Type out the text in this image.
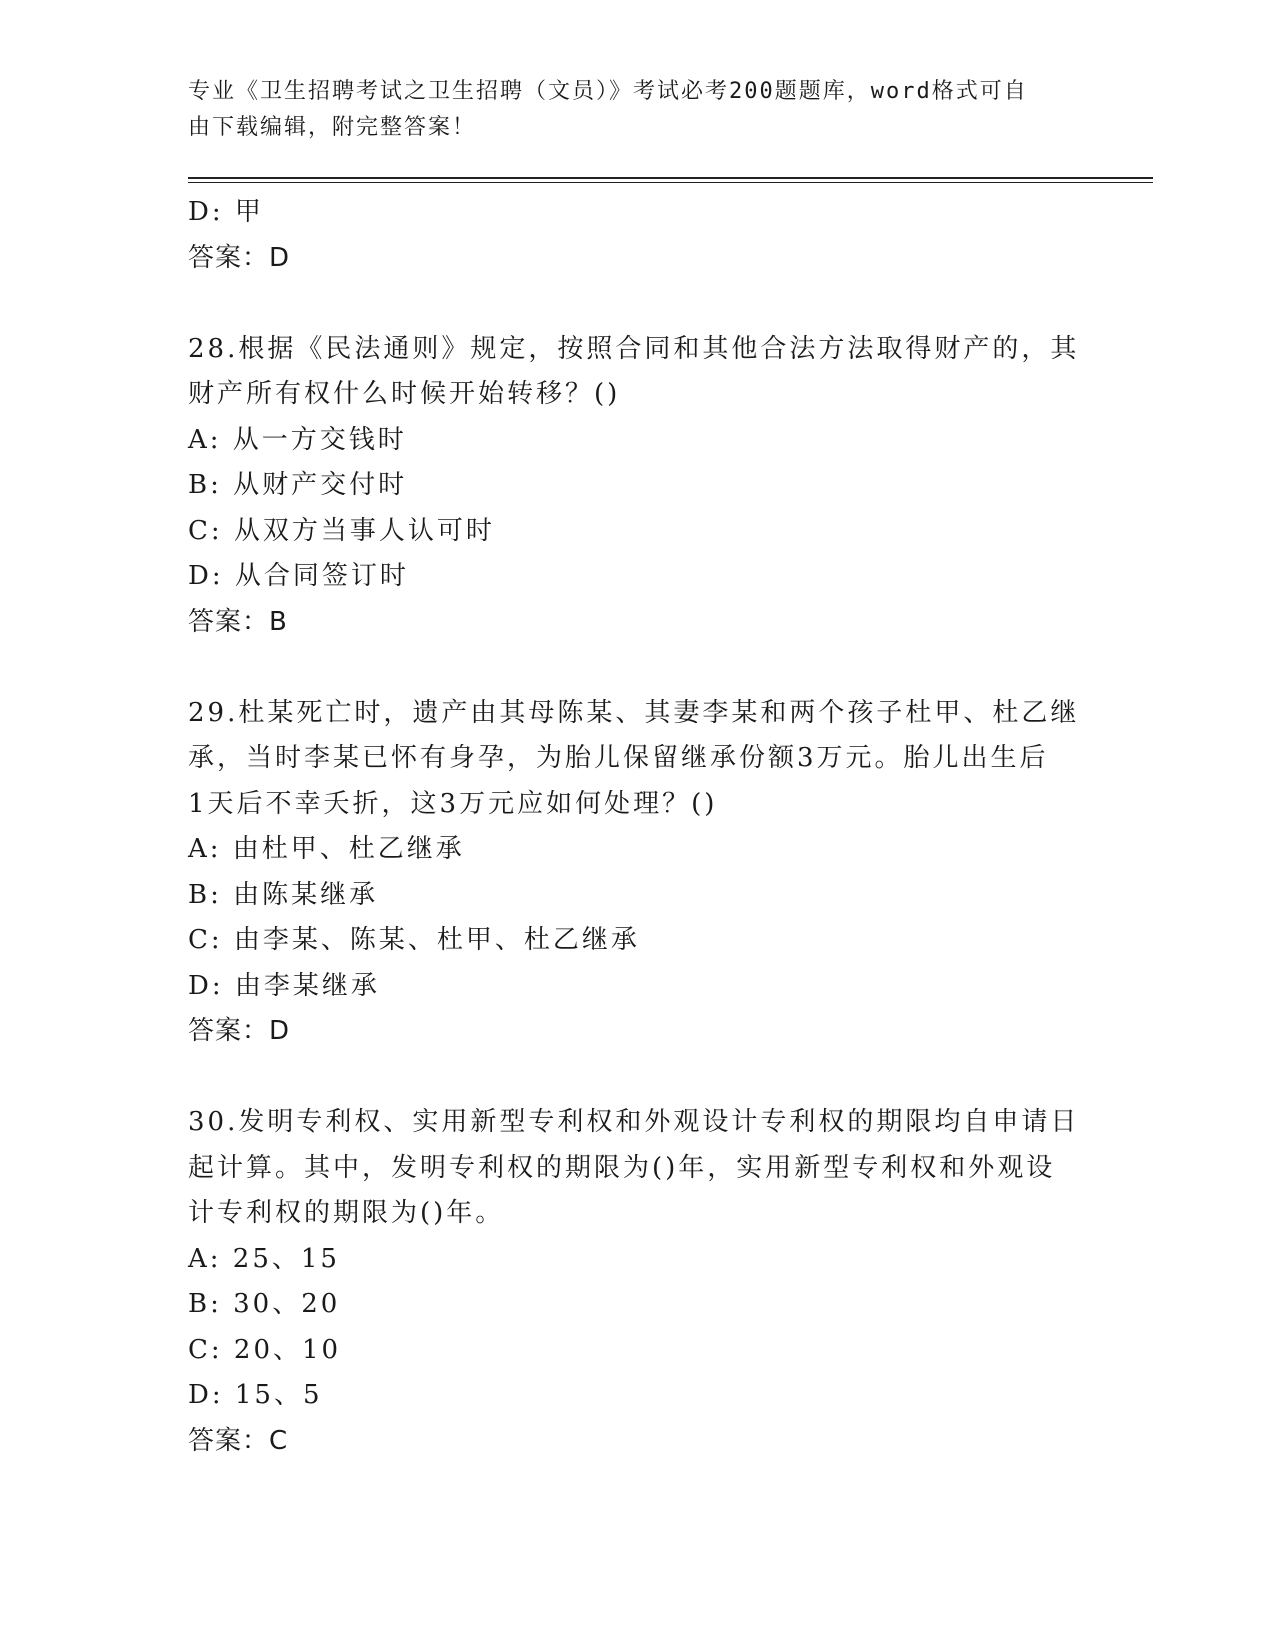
专业《卫生招聘考试之卫生招聘（文员）》考试必考200题题库，word格式可自
由下载编辑，附完整答案！
D: 甲
答案：D
28.根据《民法通则》规定，按照合同和其他合法方法取得财产的，其
财产所有权什么时候开始转移？()
A: 从一方交钱时
B: 从财产交付时
C: 从双方当事人认可时
D: 从合同签订时
答案：B
29.杜某死亡时，遗产由其母陈某、其妻李某和两个孩子杜甲、杜乙继
承，当时李某已怀有身孕，为胎儿保留继承份额3万元。胎儿出生后
1天后不幸夭折，这3万元应如何处理？()
A: 由杜甲、杜乙继承
B: 由陈某继承
C: 由李某、陈某、杜甲、杜乙继承
D: 由李某继承
答案：D
30.发明专利权、实用新型专利权和外观设计专利权的期限均自申请日
起计算。其中，发明专利权的期限为()年，实用新型专利权和外观设
计专利权的期限为()年。
A: 25、15
B: 30、20
C: 20、10
D: 15、5
答案：C
